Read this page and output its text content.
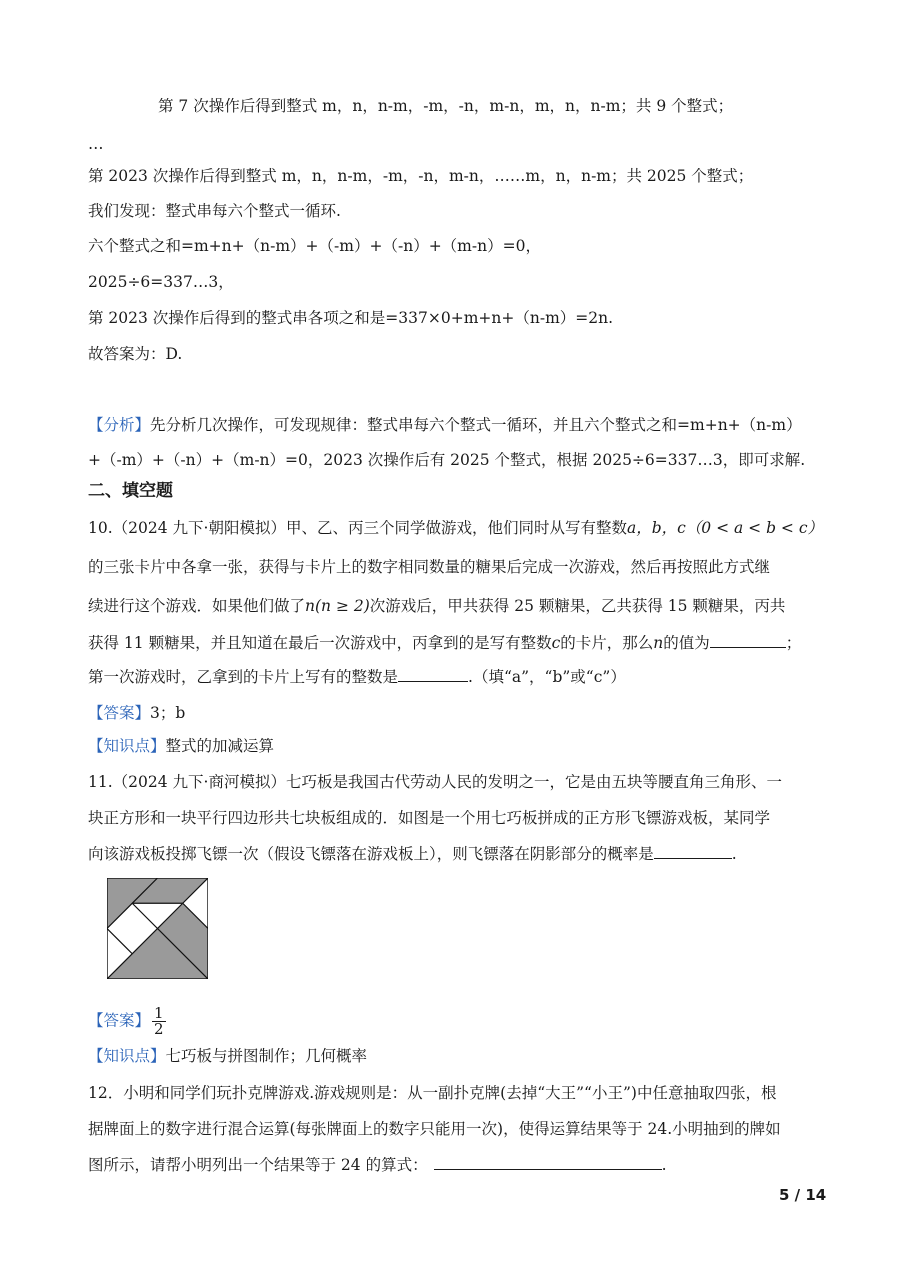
第 7 次操作后得到整式 m，n，n-m，-m，-n，m-n，m，n，n-m；共 9 个整式；
…
第 2023 次操作后得到整式 m，n，n-m，-m，-n，m-n，……m，n，n-m；共 2025 个整式；
我们发现：整式串每六个整式一循环.
六个整式之和=m+n+（n-m）+（-m）+（-n）+（m-n）=0，
2025÷6=337…3，
第 2023 次操作后得到的整式串各项之和是=337×0+m+n+（n-m）=2n.
故答案为：D.
【分析】先分析几次操作，可发现规律：整式串每六个整式一循环，并且六个整式之和=m+n+（n-m）
+（-m）+（-n）+（m-n）=0，2023 次操作后有 2025 个整式，根据 2025÷6=337…3，即可求解.
二、填空题
10.（2024 九下·朝阳模拟）甲、乙、丙三个同学做游戏，他们同时从写有整数a，b，c（0 < a < b < c）
的三张卡片中各拿一张，获得与卡片上的数字相同数量的糖果后完成一次游戏，然后再按照此方式继
续进行这个游戏．如果他们做了n(n ≥ 2)次游戏后，甲共获得 25 颗糖果，乙共获得 15 颗糖果，丙共
获得 11 颗糖果，并且知道在最后一次游戏中，丙拿到的是写有整数c的卡片，那么n的值为	；
第一次游戏时，乙拿到的卡片上写有的整数是	.（填“a”，“b”或“c”）
【答案】3；b
【知识点】整式的加减运算
11.（2024 九下·商河模拟）七巧板是我国古代劳动人民的发明之一，它是由五块等腰直角三角形、一
块正方形和一块平行四边形共七块板组成的．如图是一个用七巧板拼成的正方形飞镖游戏板，某同学
向该游戏板投掷飞镖一次（假设飞镖落在游戏板上），则飞镖落在阴影部分的概率是	.
【答案】 $\frac{1}{2}$
【知识点】七巧板与拼图制作；几何概率
12．小明和同学们玩扑克牌游戏.游戏规则是：从一副扑克牌(去掉“大王”“小王”)中任意抽取四张，根
据牌面上的数字进行混合运算(每张牌面上的数字只能用一次)，使得运算结果等于 24.小明抽到的牌如
图所示，请帮小明列出一个结果等于 24 的算式：	.
5 / 14
